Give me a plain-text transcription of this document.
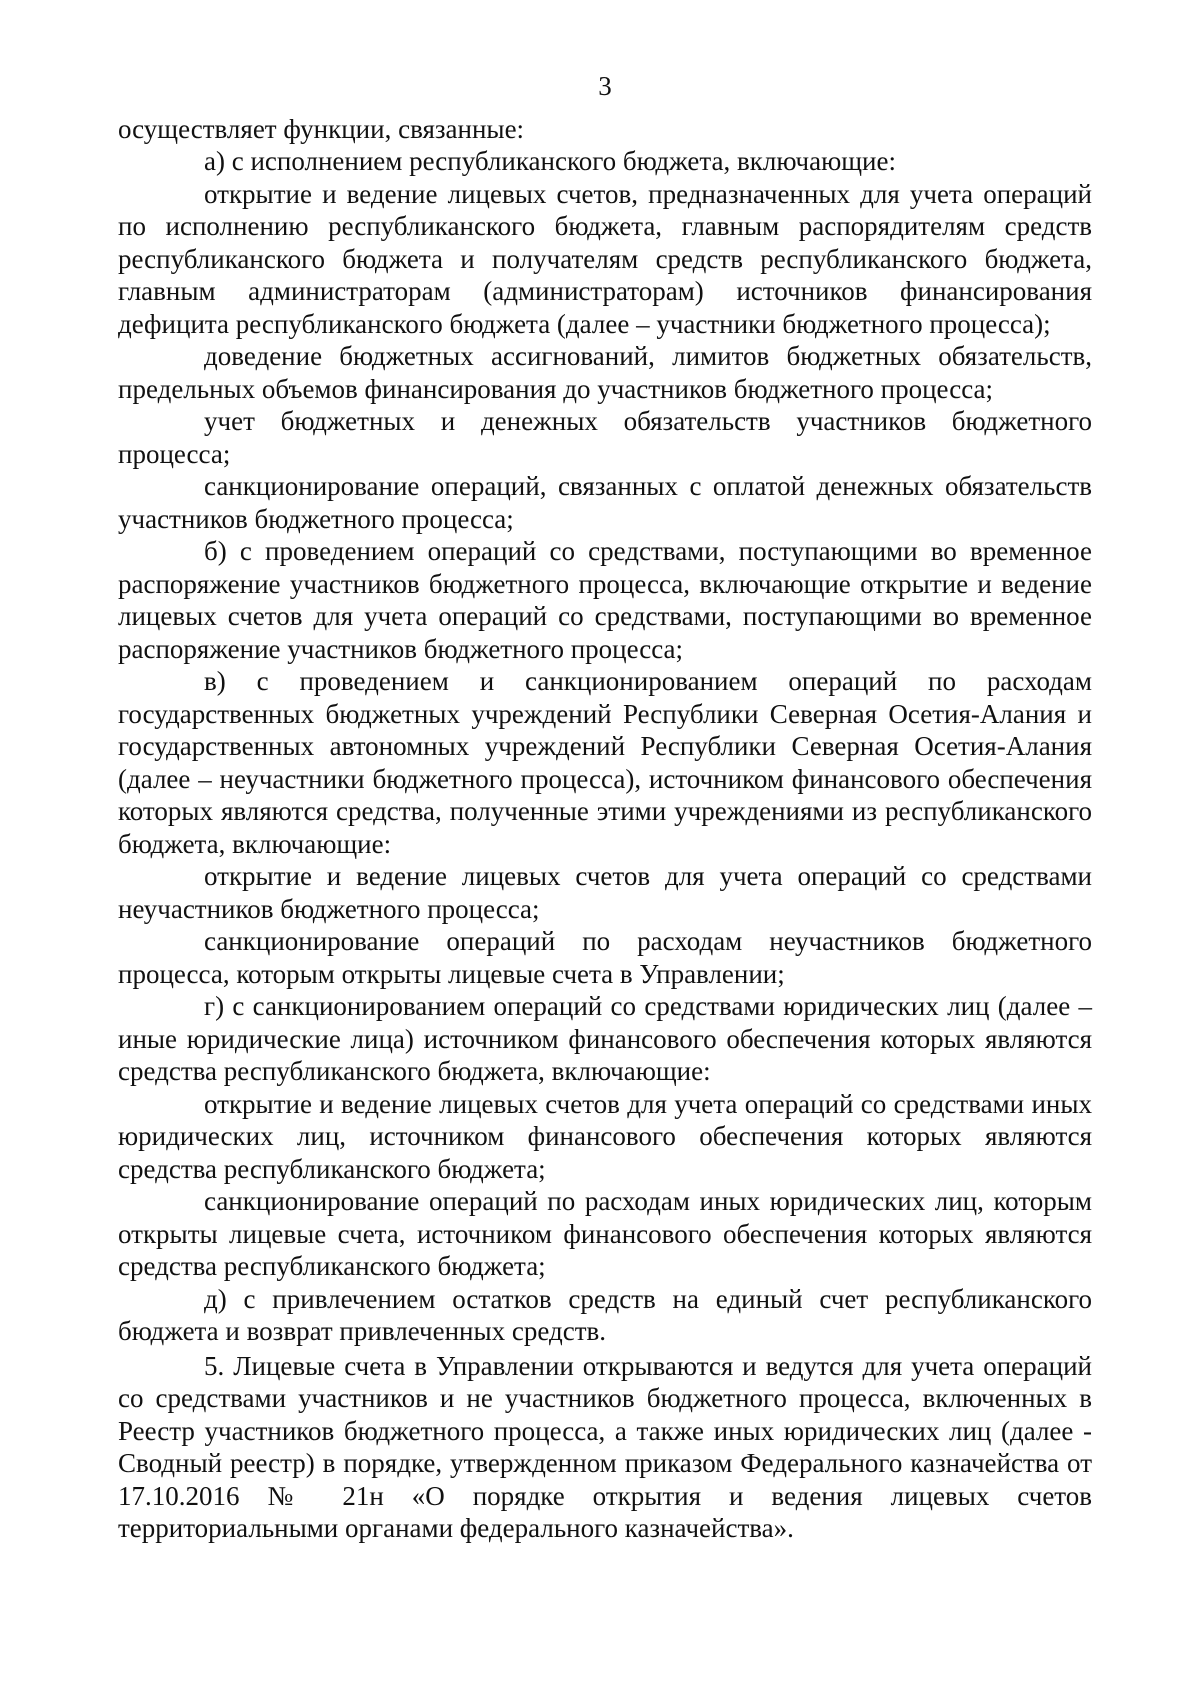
3

осуществляет функции, связанные:

а) с исполнением республиканского бюджета, включающие:

открытие и ведение лицевых счетов, предназначенных для учета операций по исполнению республиканского бюджета, главным распорядителям средств республиканского бюджета и получателям средств республиканского бюджета, главным администраторам (администраторам) источников финансирования дефицита республиканского бюджета (далее – участники бюджетного процесса);

доведение бюджетных ассигнований, лимитов бюджетных обязательств, предельных объемов финансирования до участников бюджетного процесса;

учет бюджетных и денежных обязательств участников бюджетного процесса;

санкционирование операций, связанных с оплатой денежных обязательств участников бюджетного процесса;

б) с проведением операций со средствами, поступающими во временное распоряжение участников бюджетного процесса, включающие открытие и ведение лицевых счетов для учета операций со средствами, поступающими во временное распоряжение участников бюджетного процесса;

в) с проведением и санкционированием операций по расходам государственных бюджетных учреждений Республики Северная Осетия-Алания и государственных автономных учреждений Республики Северная Осетия-Алания (далее – неучастники бюджетного процесса), источником финансового обеспечения которых являются средства, полученные этими учреждениями из республиканского бюджета, включающие:

открытие и ведение лицевых счетов для учета операций со средствами неучастников бюджетного процесса;

санкционирование операций по расходам неучастников бюджетного процесса, которым открыты лицевые счета в Управлении;

г) с санкционированием операций со средствами юридических лиц (далее – иные юридические лица) источником финансового обеспечения которых являются средства республиканского бюджета, включающие:

открытие и ведение лицевых счетов для учета операций со средствами иных юридических лиц, источником финансового обеспечения которых являются средства республиканского бюджета;

санкционирование операций по расходам иных юридических лиц, которым открыты лицевые счета, источником финансового обеспечения которых являются средства республиканского бюджета;

д) с привлечением остатков средств на единый счет республиканского бюджета и возврат привлеченных средств.

5. Лицевые счета в Управлении открываются и ведутся для учета операций со средствами участников и не участников бюджетного процесса, включенных в Реестр участников бюджетного процесса, а также иных юридических лиц (далее - Сводный реестр) в порядке, утвержденном приказом Федерального казначейства от 17.10.2016 № 21н «О порядке открытия и ведения лицевых счетов территориальными органами федерального казначейства».
